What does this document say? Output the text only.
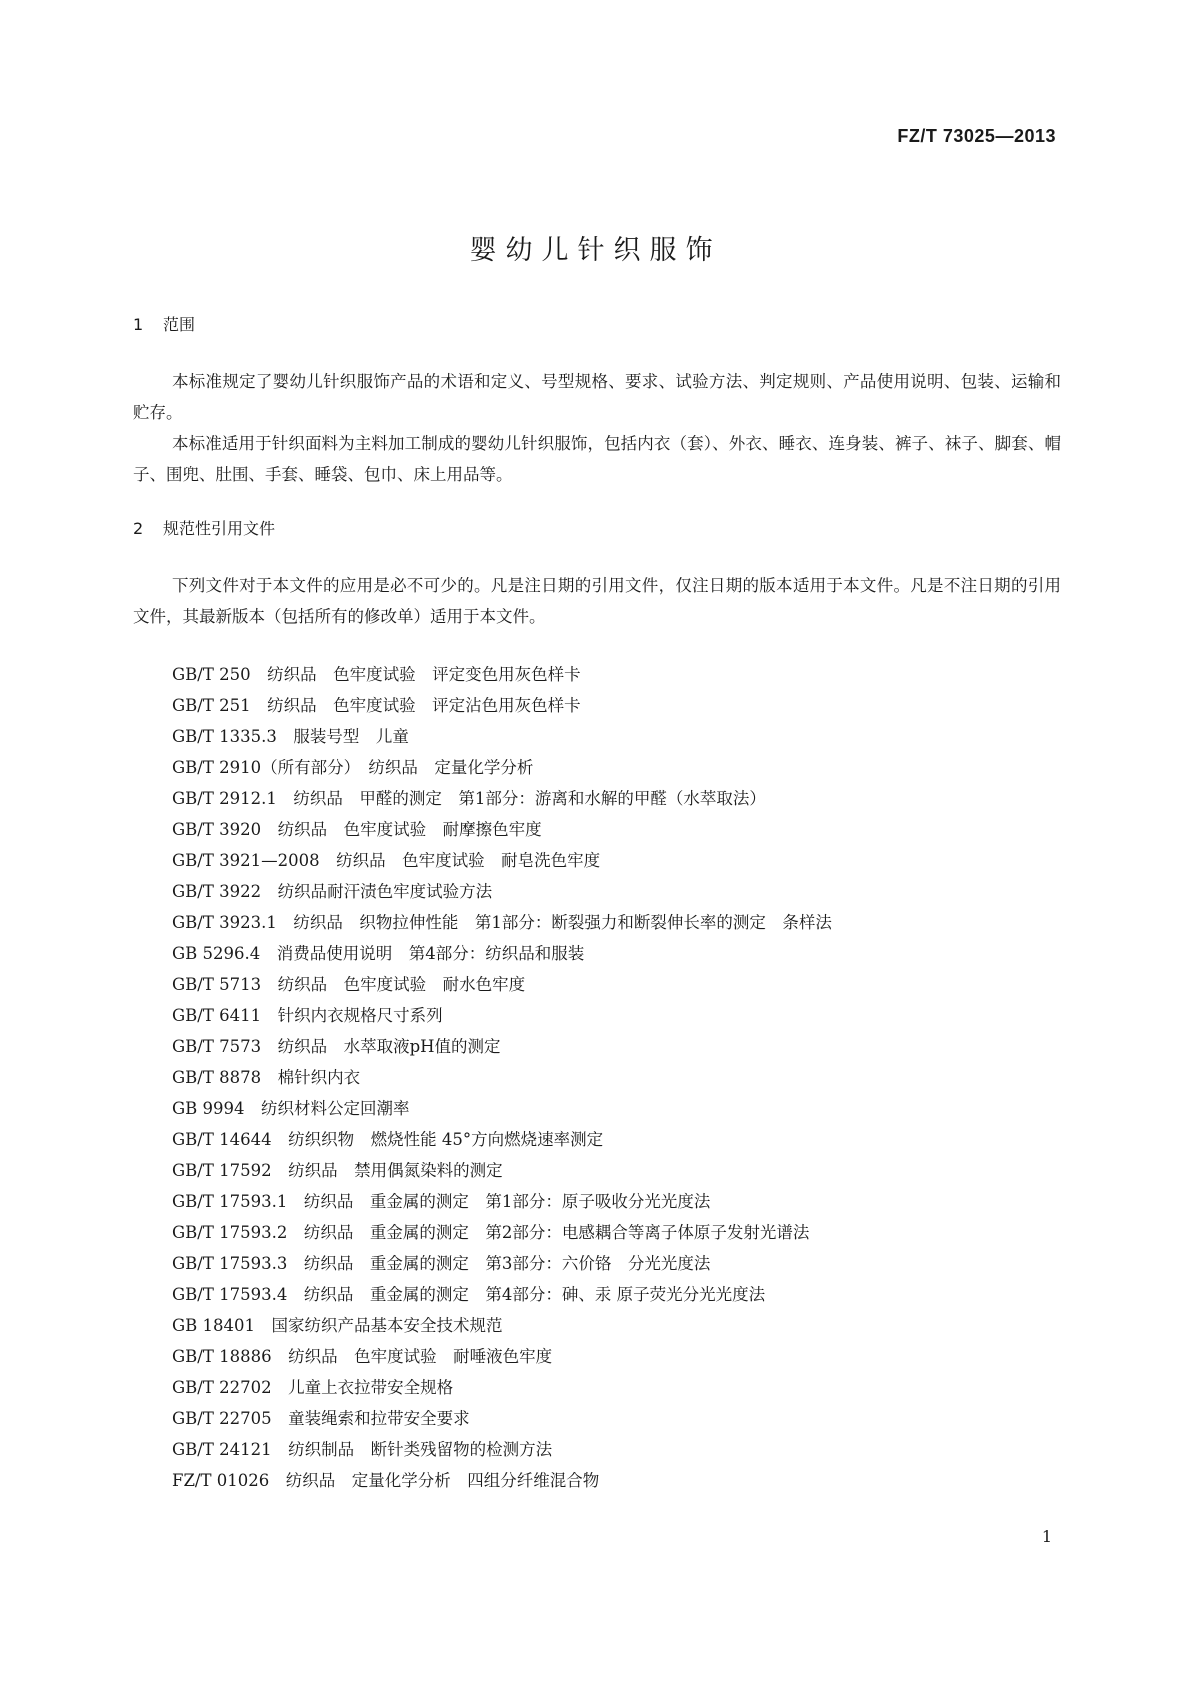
FZ/T 73025—2013
婴幼儿针织服饰
1 范围

本标准规定了婴幼儿针织服饰产品的术语和定义、号型规格、要求、试验方法、判定规则、产品使用说明、包装、运输和贮存。

本标准适用于针织面料为主料加工制成的婴幼儿针织服饰，包括内衣（套）、外衣、睡衣、连身装、裤子、袜子、脚套、帽子、围兜、肚围、手套、睡袋、包巾、床上用品等。

2 规范性引用文件

下列文件对于本文件的应用是必不可少的。凡是注日期的引用文件，仅注日期的版本适用于本文件。凡是不注日期的引用文件，其最新版本（包括所有的修改单）适用于本文件。

GB/T 250　纺织品　色牢度试验　评定变色用灰色样卡
GB/T 251　纺织品　色牢度试验　评定沾色用灰色样卡
GB/T 1335.3　服装号型　儿童
GB/T 2910（所有部分）　纺织品　定量化学分析
GB/T 2912.1　纺织品　甲醛的测定　第1部分：游离和水解的甲醛（水萃取法）
GB/T 3920　纺织品　色牢度试验　耐摩擦色牢度
GB/T 3921—2008　纺织品　色牢度试验　耐皂洗色牢度
GB/T 3922　纺织品耐汗渍色牢度试验方法
GB/T 3923.1　纺织品　织物拉伸性能　第1部分：断裂强力和断裂伸长率的测定　条样法
GB 5296.4　消费品使用说明　第4部分：纺织品和服装
GB/T 5713　纺织品　色牢度试验　耐水色牢度
GB/T 6411　针织内衣规格尺寸系列
GB/T 7573　纺织品　水萃取液pH值的测定
GB/T 8878　棉针织内衣
GB 9994　纺织材料公定回潮率
GB/T 14644　纺织织物　燃烧性能 45°方向燃烧速率测定
GB/T 17592　纺织品　禁用偶氮染料的测定
GB/T 17593.1　纺织品　重金属的测定　第1部分：原子吸收分光光度法
GB/T 17593.2　纺织品　重金属的测定　第2部分：电感耦合等离子体原子发射光谱法
GB/T 17593.3　纺织品　重金属的测定　第3部分：六价铬　分光光度法
GB/T 17593.4　纺织品　重金属的测定　第4部分：砷、汞 原子荧光分光光度法
GB 18401　国家纺织产品基本安全技术规范
GB/T 18886　纺织品　色牢度试验　耐唾液色牢度
GB/T 22702　儿童上衣拉带安全规格
GB/T 22705　童装绳索和拉带安全要求
GB/T 24121　纺织制品　断针类残留物的检测方法
FZ/T 01026　纺织品　定量化学分析　四组分纤维混合物
1
